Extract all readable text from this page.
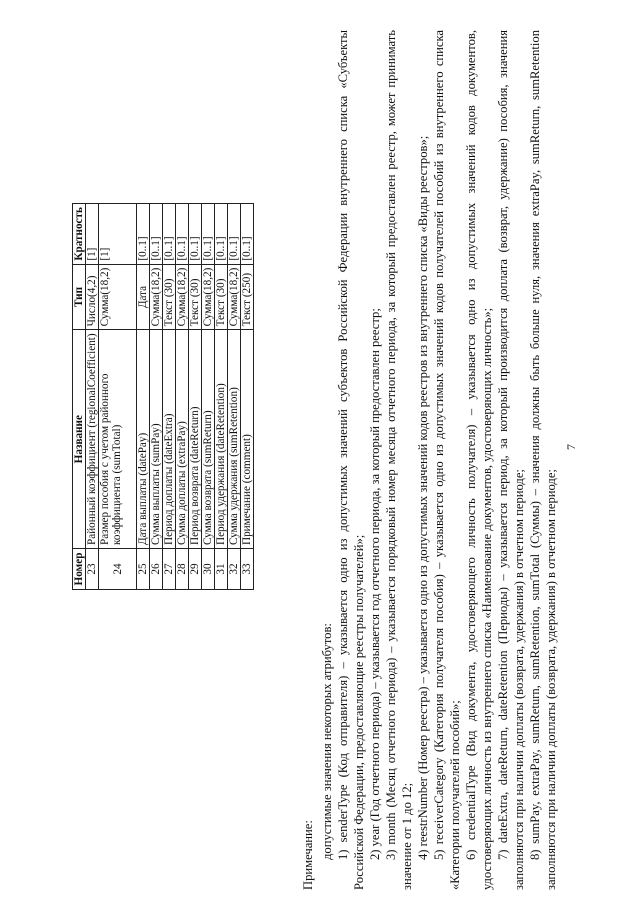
Номер	Название	Тип	Кратность
23	Районный коэффициент (regionalCoefficient)	Число(4,2)	[1]
24	Размер пособия с учетом районного коэффициента (sumTotal)	Сумма(18,2)	[1]
25	Дата выплаты (datePay)	Дата	[0..1]
26	Сумма выплаты (sumPay)	Сумма(18,2)	[0..1]
27	Период доплаты (dateExtra)	Текст (30)	[0..1]
28	Сумма доплаты (extraPay)	Сумма(18,2)	[0..1]
29	Период возврата (dateReturn)	Текст (30)	[0..1]
30	Сумма возврата (sumReturn)	Сумма(18,2)	[0..1]
31	Период удержания (dateRetention)	Текст (30)	[0..1]
32	Сумма удержания (sumRetention)	Сумма(18,2)	[0..1]
33	Примечание (comment)	Текст (250)	[0..1]

Примечание: допустимые значения некоторых атрибутов: 1) senderType (Код отправителя) – указывается одно из допустимых значений субъектов Российской Федерации внутреннего списка «Субъекты Российской Федерации, предоставляющие реестры получателей»; 2) year (Год отчетного периода) – указывается год отчетного периода, за который предоставлен реестр; 3) month (Месяц отчетного периода) – указывается порядковый номер месяца отчетного периода, за который предоставлен реестр, может принимать значение от 1 до 12; 4) reestrNumber (Номер реестра) – указывается одно из допустимых значений кодов реестров из внутреннего списка «Виды реестров»; 5) receiverCategory (Категория получателя пособия) – указывается одно из допустимых значений кодов получателей пособий из внутреннего списка «Категории получателей пособий»; 6) credentialType (Вид документа, удостоверяющего личность получателя) – указывается одно из допустимых значений кодов документов, удостоверяющих личность из внутреннего списка «Наименование документов, удостоверяющих личность»; 7) dateExtra, dateReturn, dateRetention (Периоды) – указывается период, за который производится доплата (возврат, удержание) пособия, значения заполняются при наличии доплаты (возврата, удержания) в отчетном периоде; 8) sumPay, extraPay, sumReturn, sumRetention, sumTotal (Суммы) – значения должны быть больше нуля, значения extraPay, sumReturn, sumRetention заполняются при наличии доплаты (возврата, удержания) в отчетном периоде;

7
